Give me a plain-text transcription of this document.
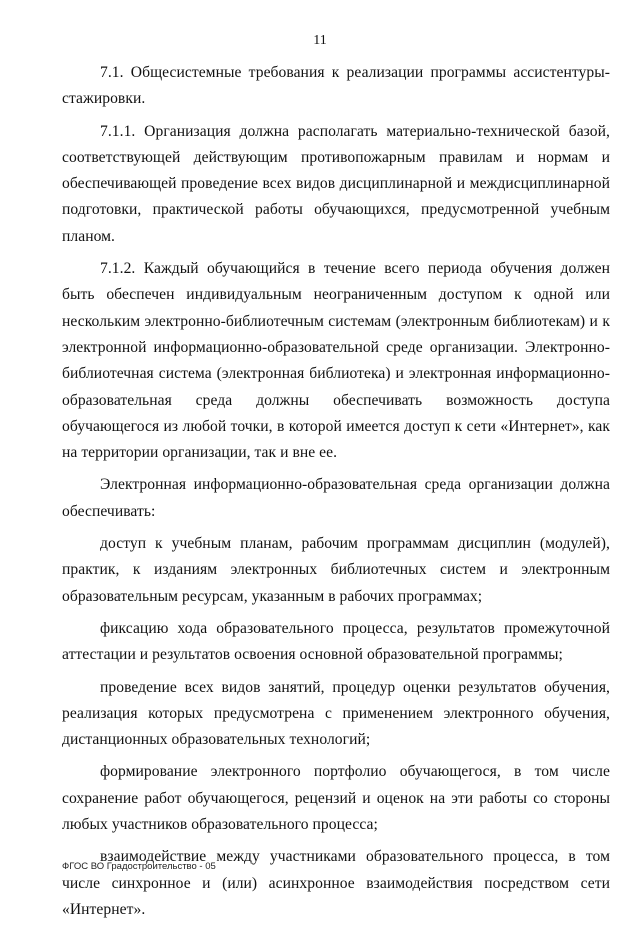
11

7.1. Общесистемные требования к реализации программы ассистентуры-стажировки.

7.1.1. Организация должна располагать материально-технической базой, соответствующей действующим противопожарным правилам и нормам и обеспечивающей проведение всех видов дисциплинарной и междисциплинарной подготовки, практической работы обучающихся, предусмотренной учебным планом.

7.1.2. Каждый обучающийся в течение всего периода обучения должен быть обеспечен индивидуальным неограниченным доступом к одной или нескольким электронно-библиотечным системам (электронным библиотекам) и к электронной информационно-образовательной среде организации. Электронно-библиотечная система (электронная библиотека) и электронная информационно-образовательная среда должны обеспечивать возможность доступа обучающегося из любой точки, в которой имеется доступ к сети «Интернет», как на территории организации, так и вне ее.

Электронная информационно-образовательная среда организации должна обеспечивать:

доступ к учебным планам, рабочим программам дисциплин (модулей), практик, к изданиям электронных библиотечных систем и электронным образовательным ресурсам, указанным в рабочих программах;

фиксацию хода образовательного процесса, результатов промежуточной аттестации и результатов освоения основной образовательной программы;

проведение всех видов занятий, процедур оценки результатов обучения, реализация которых предусмотрена с применением электронного обучения, дистанционных образовательных технологий;

формирование электронного портфолио обучающегося, в том числе сохранение работ обучающегося, рецензий и оценок на эти работы со стороны любых участников образовательного процесса;

взаимодействие между участниками образовательного процесса, в том числе синхронное и (или) асинхронное взаимодействия посредством сети «Интернет».

ФГОС ВО Градостроительство - 05
